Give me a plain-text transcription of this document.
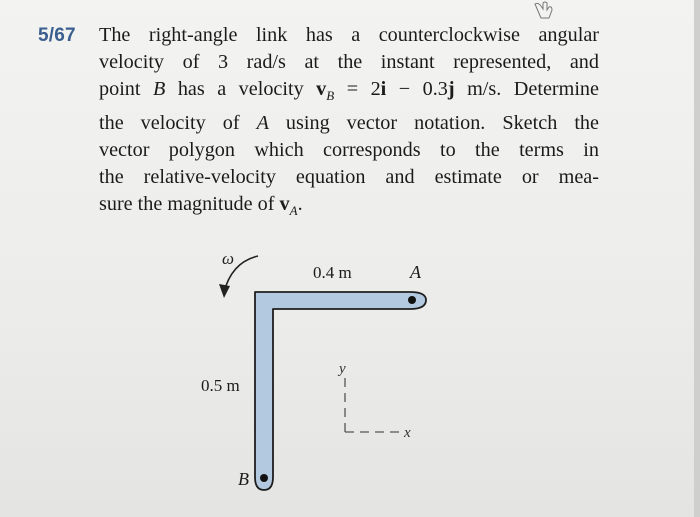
5/67 The right-angle link has a counterclockwise angular
velocity of 3 rad/s at the instant represented, and
point B has a velocity $v_B = 2i - 0.3j$ m/s. Determine
the velocity of A using vector notation. Sketch the
vector polygon which corresponds to the terms in
the relative-velocity equation and estimate or mea-
sure the magnitude of $v_A$.
ω
0.4 m	A
0.5 m
B
y
x
